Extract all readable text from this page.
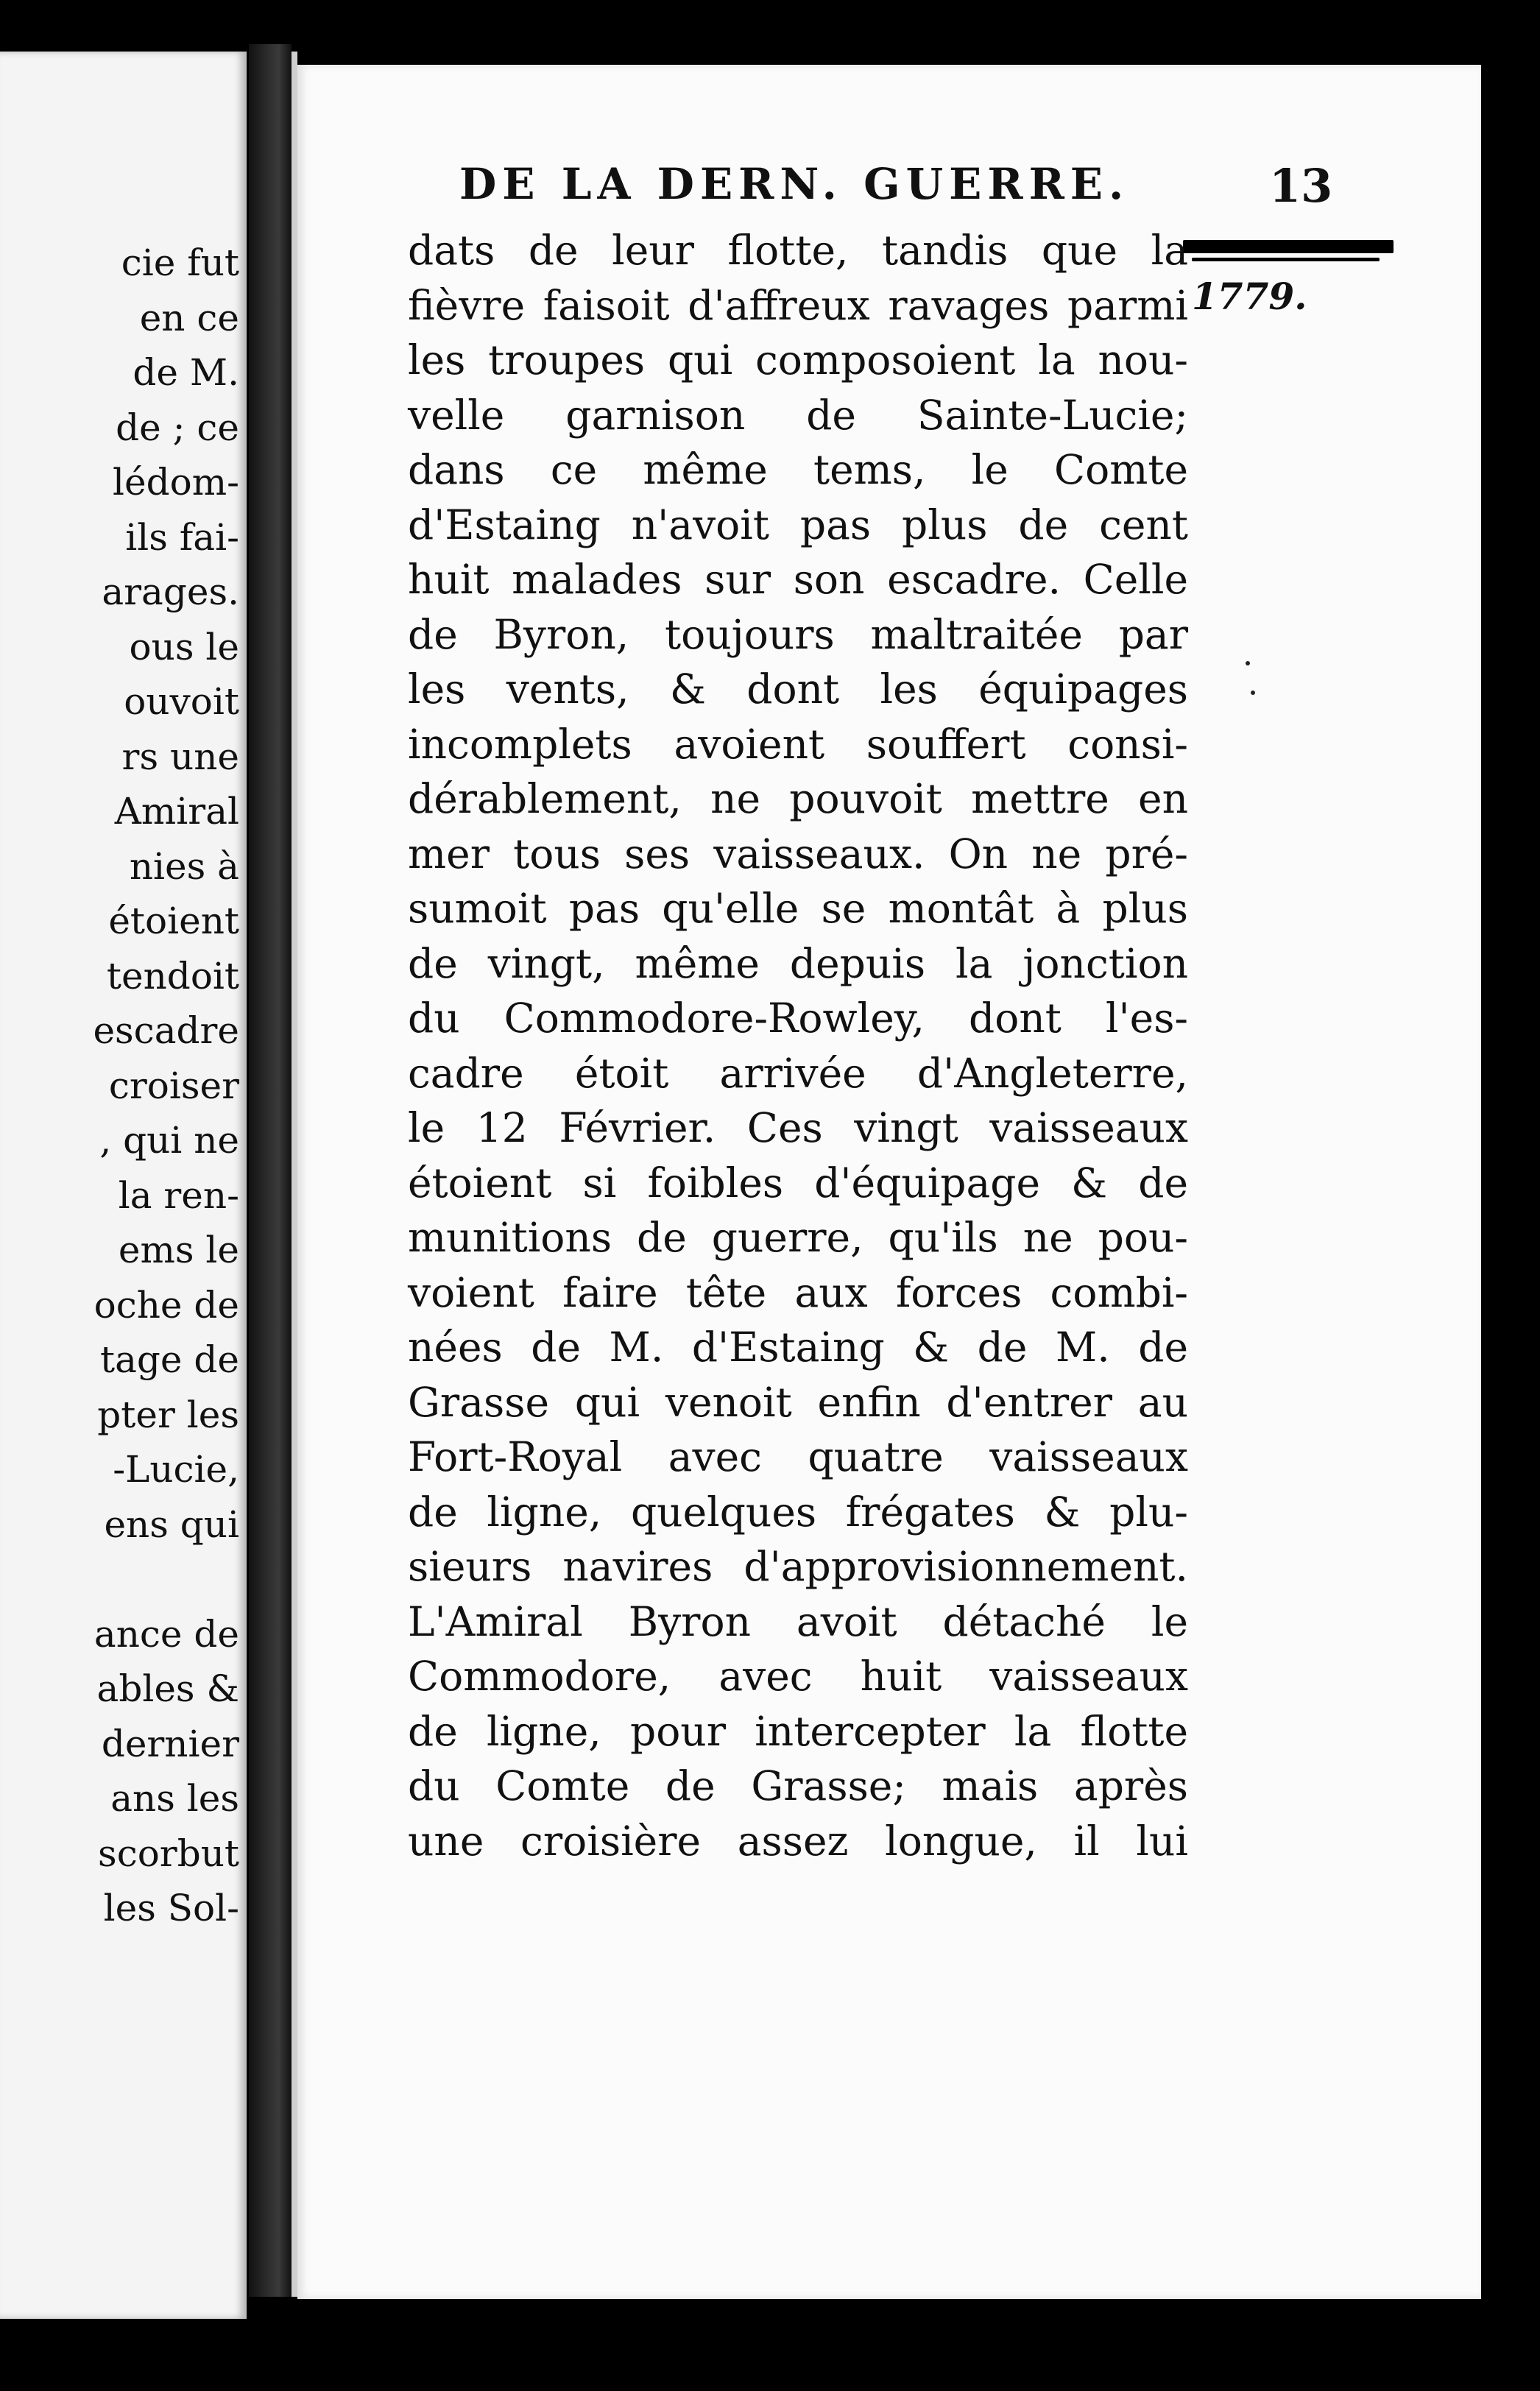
cie fut
en ce
de M.
de ; ce
lédom-
ils fai-
arages.
ous le
ouvoit
rs une
Amiral
nies à
étoient
tendoit
escadre
croiser
, qui ne
la ren-
ems le
oche de
tage de
pter les
-Lucie,
ens qui
ance de
ables &
dernier
ans les
scorbut
les Sol-
DE LA DERN. GUERRE.	13
1779.
dats de leur flotte, tandis que la
fièvre faisoit d'affreux ravages parmi
les troupes qui composoient la nou-
velle garnison de Sainte-Lucie;
dans ce même tems, le Comte
d'Estaing n'avoit pas plus de cent
huit malades sur son escadre. Celle
de Byron, toujours maltraitée par
les vents, & dont les équipages
incomplets avoient souffert consi-
dérablement, ne pouvoit mettre en
mer tous ses vaisseaux. On ne pré-
sumoit pas qu'elle se montât à plus
de vingt, même depuis la jonction
du Commodore-Rowley, dont l'es-
cadre étoit arrivée d'Angleterre,
le 12 Février. Ces vingt vaisseaux
étoient si foibles d'équipage & de
munitions de guerre, qu'ils ne pou-
voient faire tête aux forces combi-
nées de M. d'Estaing & de M. de
Grasse qui venoit enfin d'entrer au
Fort-Royal avec quatre vaisseaux
de ligne, quelques frégates & plu-
sieurs navires d'approvisionnement.
L'Amiral Byron avoit détaché le
Commodore, avec huit vaisseaux
de ligne, pour intercepter la flotte
du Comte de Grasse; mais après
une croisière assez longue, il lui
